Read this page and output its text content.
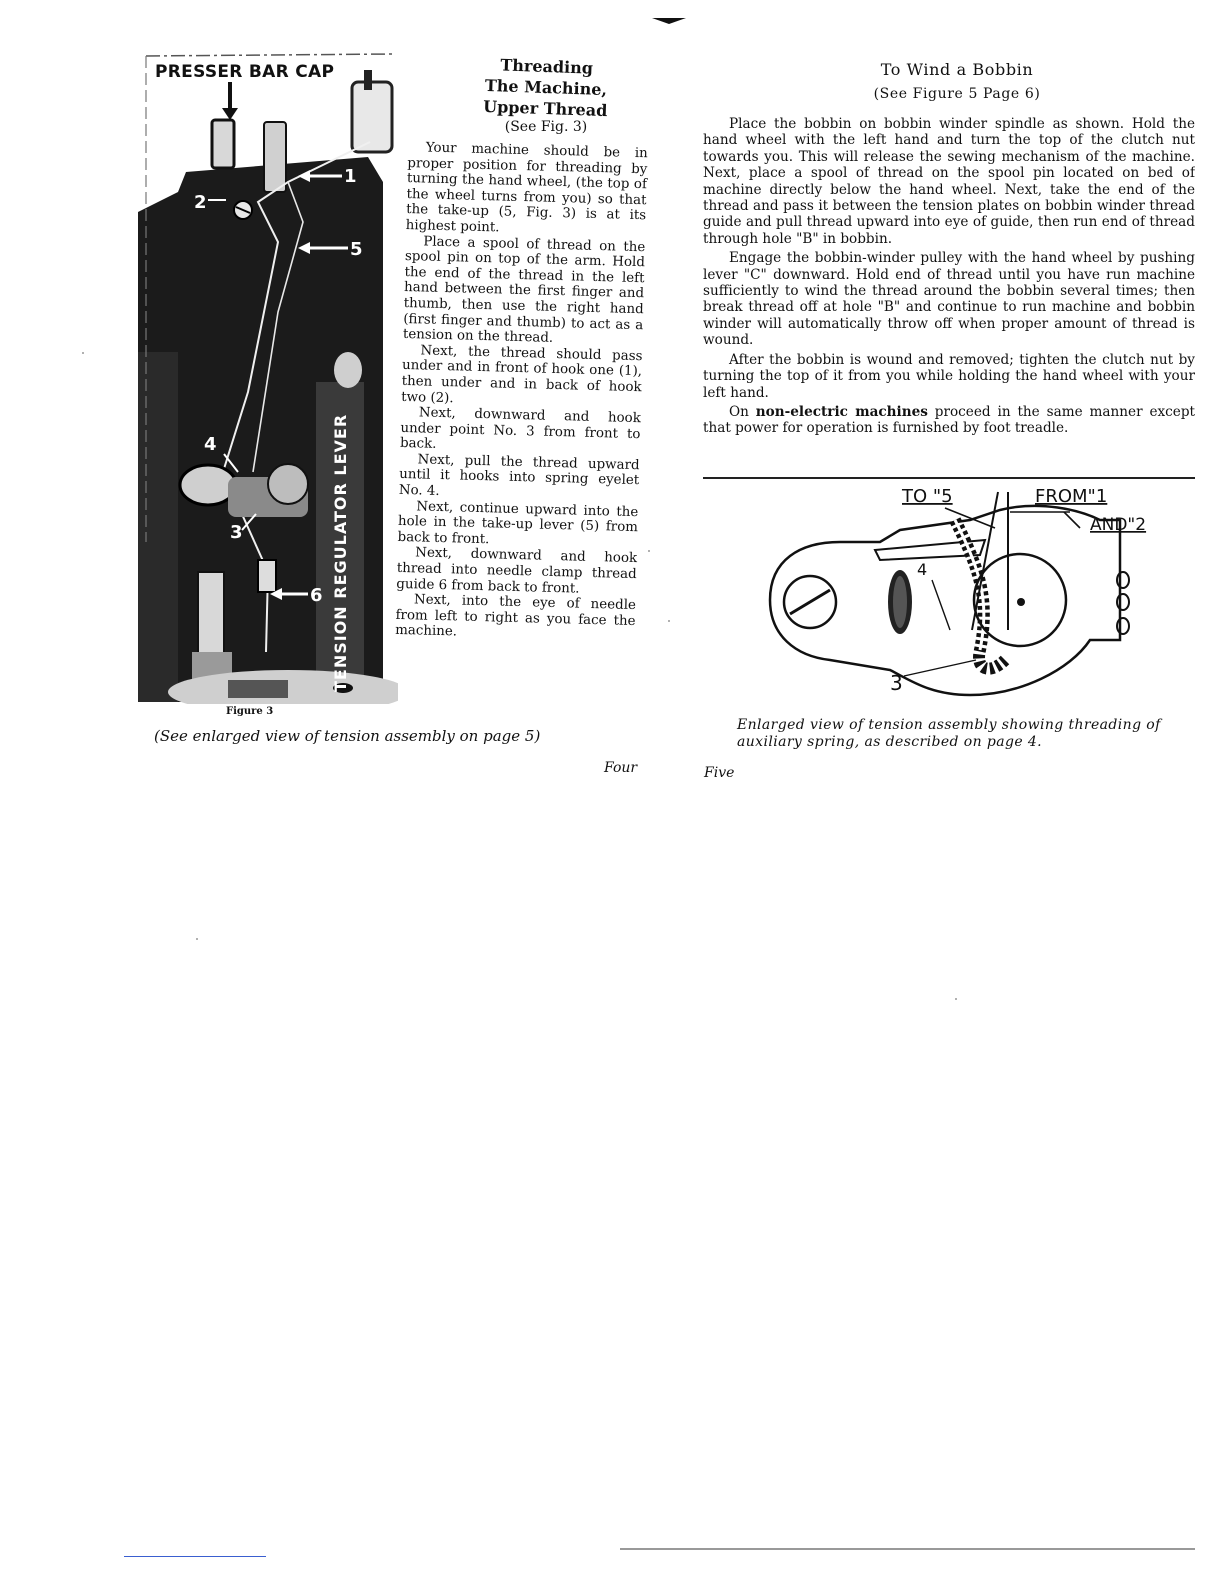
1
2
5
4
3
6 TENSION REGULATOR LEVER
PRESSER BAR CAP
Figure 3
(See enlarged view of tension assembly on page 5)
Four
Threading
The Machine,
Upper Thread
(See Fig. 3)

Your machine should be in proper position for threading by turning the hand wheel, (the top of the wheel turns from you) so that the take-up (5, Fig. 3) is at its highest point.

Place a spool of thread on the spool pin on top of the arm. Hold the end of the thread in the left hand between the first finger and thumb, then use the right hand (first finger and thumb) to act as a tension on the thread.

Next, the thread should pass under and in front of hook one (1), then under and in back of hook two (2).

Next, downward and hook under point No. 3 from front to back.

Next, pull the thread upward until it hooks into spring eyelet No. 4.

Next, continue upward into the hole in the take-up lever (5) from back to front.

Next, downward and hook thread into needle clamp thread guide 6 from back to front.

Next, into the eye of needle from left to right as you face the machine.

To Wind a Bobbin
(See Figure 5 Page 6)

Place the bobbin on bobbin winder spindle as shown. Hold the hand wheel with the left hand and turn the top of the clutch nut towards you. This will release the sewing mechanism of the machine. Next, place a spool of thread on the spool pin located on bed of machine directly below the hand wheel. Next, take the end of the thread and pass it between the tension plates on bobbin winder thread guide and pull thread upward into eye of guide, then run end of thread through hole "B" in bobbin.

Engage the bobbin-winder pulley with the hand wheel by pushing lever "C" downward. Hold end of thread until you have run machine sufficiently to wind the thread around the bobbin several times; then break thread off at hole "B" and continue to run machine and bobbin winder will automatically throw off when proper amount of thread is wound.

After the bobbin is wound and removed; tighten the clutch nut by turning the top of it from you while holding the hand wheel with your left hand.

On non-electric machines proceed in the same manner except that power for operation is furnished by foot treadle.

TO "5	FROM"1
AND"2
4
3
Enlarged view of tension assembly showing threading of auxiliary spring, as described on page 4.
Five
